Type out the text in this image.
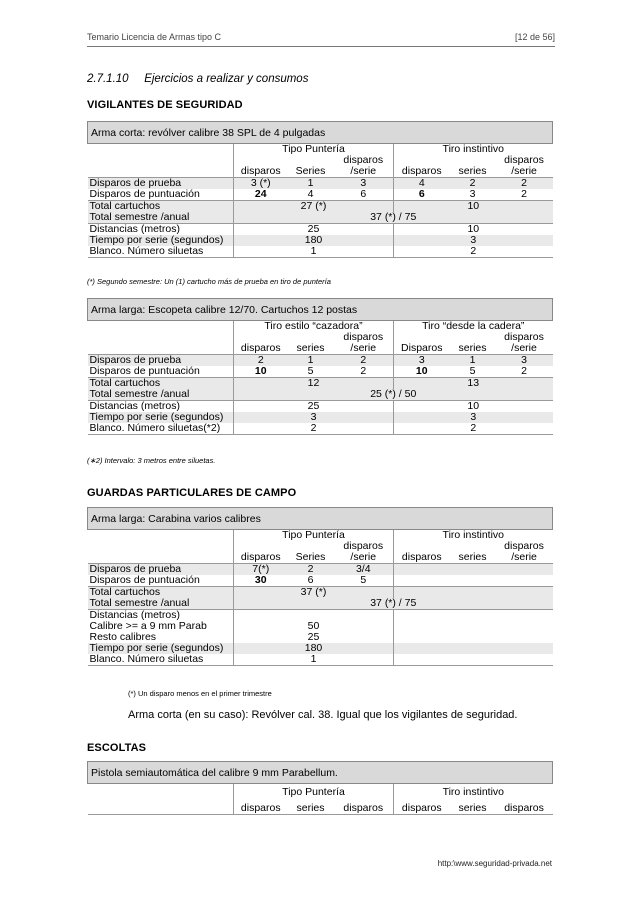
Temario Licencia de Armas tipo C	[12 de 56]
2.7.1.10 Ejercicios a realizar y consumos
VIGILANTES DE SEGURIDAD
Arma corta: revólver calibre 38 SPL de 4 pulgadas						
	Tipo Puntería			Tiro instintivo		
			disparos			disparos
	disparos	Series	/serie	disparos	series	/serie
Disparos de prueba	3 (*)	1	3	4	2	2
Disparos de puntuación	24	4	6	6	3	2
Total cartuchos	27 (*)			10		
Total semestre /anual	37 (*) / 75					
Distancias (metros)	25			10		
Tiempo por serie (segundos)	180			3		
Blanco. Número siluetas	1			2		
(*) Segundo semestre: Un (1) cartucho más de prueba en tiro de puntería
Arma larga: Escopeta calibre 12/70. Cartuchos 12 postas						
	Tiro estilo “cazadora”			Tiro “desde la cadera”		
			disparos			disparos
	disparos	series	/serie	Disparos	series	/serie
Disparos de prueba	2	1	2	3	1	3
Disparos de puntuación	10	5	2	10	5	2
Total cartuchos	12			13		
Total semestre /anual	25 (*) / 50					
Distancias (metros)	25			10		
Tiempo por serie (segundos)	3			3		
Blanco. Número siluetas(*2)	2			2		
(∗2) Intervalo: 3 metros entre siluetas.
GUARDAS PARTICULARES DE CAMPO
Arma larga: Carabina varios calibres						
	Tipo Puntería			Tiro instintivo		
			disparos			disparos
	disparos	Series	/serie	disparos	series	/serie
Disparos de prueba	7(*)	2	3/4			
Disparos de puntuación	30	6	5			
Total cartuchos	37 (*)					
Total semestre /anual	37 (*) / 75					
Distancias (metros)						
Calibre >= a 9 mm Parab	50					
Resto calibres	25					
Tiempo por serie (segundos)	180					
Blanco. Número siluetas	1					
(*) Un disparo menos en el primer trimestre
Arma corta (en su caso): Revólver cal. 38. Igual que los vigilantes de seguridad.
ESCOLTAS
Pistola semiautomática del calibre 9 mm Parabellum.						
	Tipo Puntería			Tiro instintivo		
	disparos	series	disparos	disparos	series	disparos
http:\www.seguridad-privada.net
